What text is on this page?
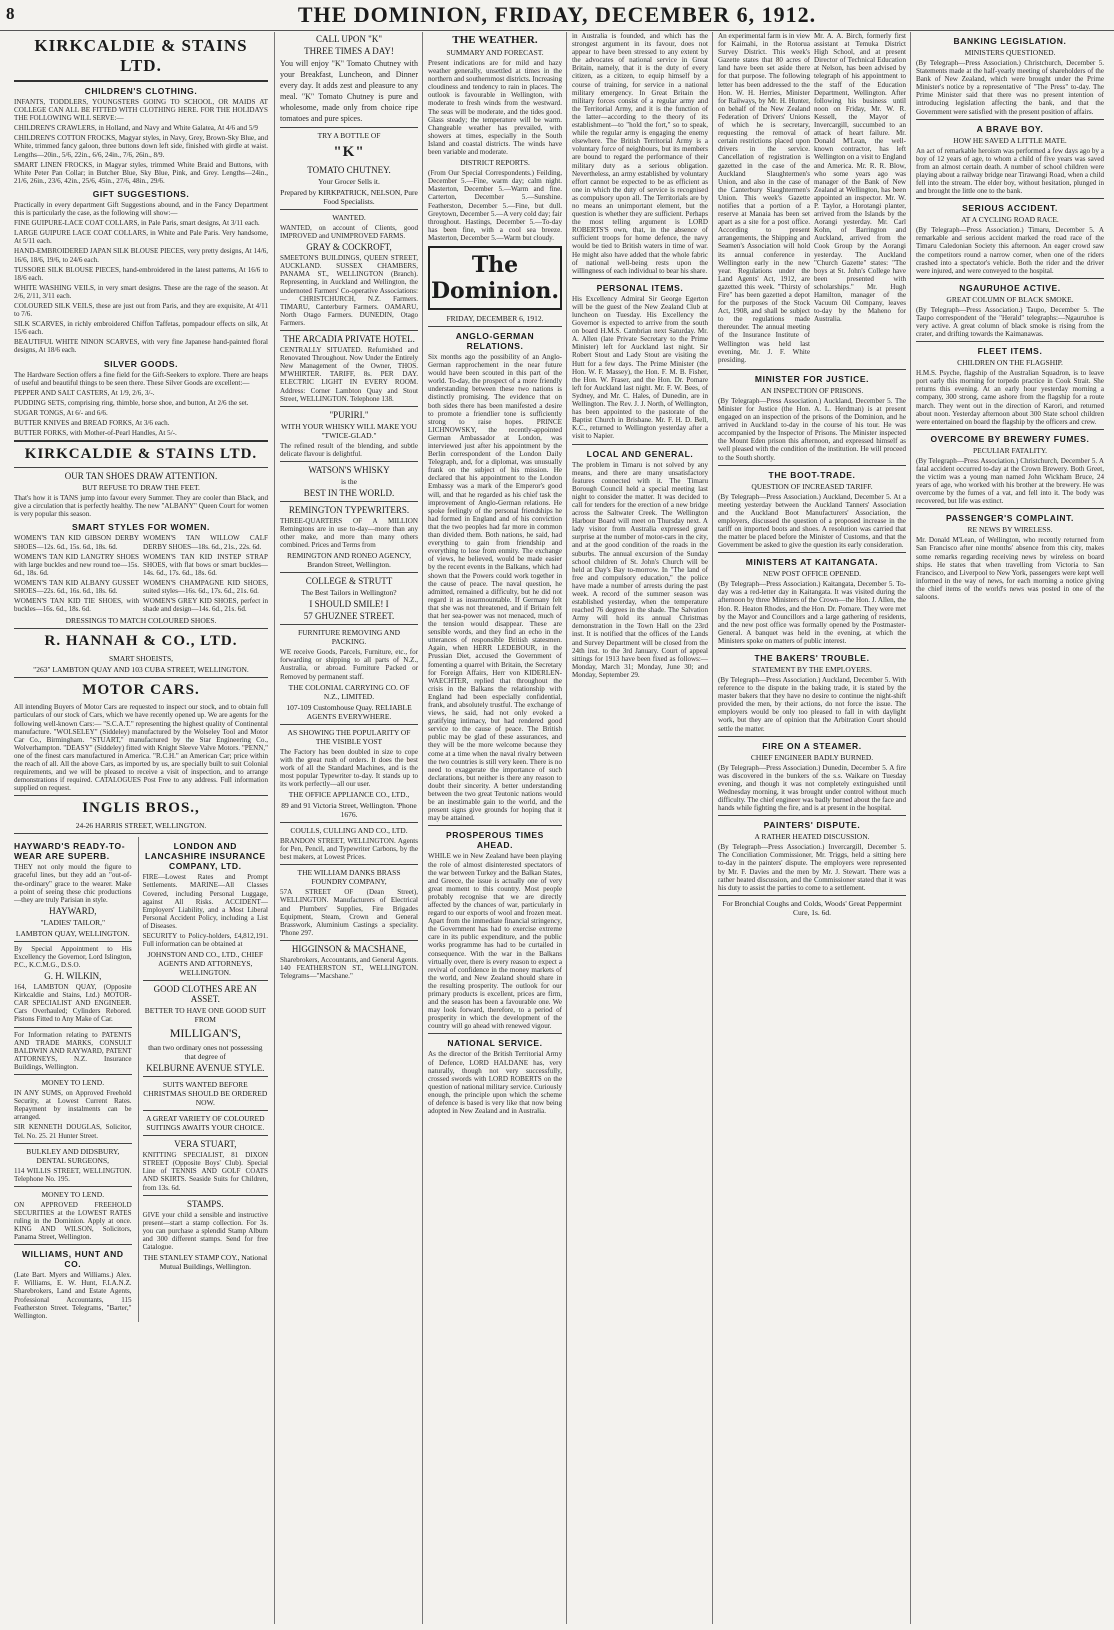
8	THE DOMINION, FRIDAY, DECEMBER 6, 1912.
KIRKCALDIE & STAINS LTD.
CHILDREN'S CLOTHING.

INFANTS, TODDLERS, YOUNGSTERS GOING TO SCHOOL, OR MAIDS AT COLLEGE CAN ALL BE FITTED WITH CLOTHING HERE. FOR THE HOLIDAYS THE FOLLOWING WILL SERVE:—

CHILDREN'S CRAWLERS, in Holland, and Navy and White Galatea, At 4/6 and 5/9

CHILDREN'S COTTON FROCKS, Magyar styles, in Navy, Grey, Brown-Sky Blue, and White, trimmed fancy galoon, three buttons down left side, finished with girdle at waist. Lengths—20in., 5/6, 22in., 6/6, 24in., 7/6, 26in., 8/9.

SMART LINEN FROCKS, in Magyar styles, trimmed White Braid and Buttons, with White Peter Pan Collar; in Butcher Blue, Sky Blue, Pink, and Grey. Lengths—24in., 21/6, 26in., 23/6, 42in., 25/6, 45in., 27/6, 48in., 29/6.

GIFT SUGGESTIONS.

Practically in every department Gift Suggestions abound, and in the Fancy Department this is particularly the case, as the following will show:—

FINE GUIPURE-LACE COAT COLLARS, in Pale Paris, smart designs, At 3/11 each.

LARGE GUIPURE LACE COAT COLLARS, in White and Pale Paris. Very handsome, At 5/11 each.

HAND-EMBROIDERED JAPAN SILK BLOUSE PIECES, very pretty designs, At 14/6, 16/6, 18/6, 19/6, to 24/6 each.

TUSSORE SILK BLOUSE PIECES, hand-embroidered in the latest patterns, At 16/6 to 18/6 each.

WHITE WASHING VEILS, in very smart designs. These are the rage of the season. At 2/6, 2/11, 3/11 each.

COLOURED SILK VEILS, these are just out from Paris, and they are exquisite, At 4/11 to 7/6.

SILK SCARVES, in richly embroidered Chiffon Taffetas, pompadour effects on silk, At 15/6 each.

BEAUTIFUL WHITE NINON SCARVES, with very fine Japanese hand-painted floral designs, At 18/6 each.

SILVER GOODS.

The Hardware Section offers a fine field for the Gift-Seekers to explore. There are heaps of useful and beautiful things to be seen there. These Silver Goods are excellent:—

PEPPER AND SALT CASTERS, At 1/9, 2/6, 3/-.

PUDDING SETS, comprising ring, thimble, horse shoe, and button, At 2/6 the set.

SUGAR TONGS, At 6/- and 6/6.

BUTTER KNIVES and BREAD FORKS, At 3/6 each.

BUTTER FORKS, with Mother-of-Pearl Handles, At 5/-.

KIRKCALDIE & STAINS LTD.
OUR TAN SHOES DRAW ATTENTION.
BUT REFUSE TO DRAW THE FEET.

That's how it is TANS jump into favour every Summer. They are cooler than Black, and give a circulation that is perfectly healthy. The new "ALBANY" Queen Court for women is very popular this season.

SMART STYLES FOR WOMEN.

WOMEN'S TAN KID GIBSON DERBY SHOES—12s. 6d., 15s. 6d., 18s. 6d.

WOMEN'S TAN KID LANGTRY SHOES with large buckles and new round toe—15s. 6d., 18s. 6d.

WOMEN'S TAN KID ALBANY GUSSET SHOES—22s. 6d., 16s. 6d., 18s. 6d.

WOMEN'S TAN KID TIE SHOES, with buckles—16s. 6d., 18s. 6d.

WOMEN'S TAN WILLOW CALF DERBY SHOES—18s. 6d., 21s., 22s. 6d.

WOMEN'S TAN KID INSTEP STRAP SHOES, with flat bows or smart buckles—14s. 6d., 17s. 6d., 18s. 6d.

WOMEN'S CHAMPAGNE KID SHOES, suited styles—16s. 6d., 17s. 6d., 21s. 6d.

WOMEN'S GREY KID SHOES, perfect in shade and design—14s. 6d., 21s. 6d.

DRESSINGS TO MATCH COLOURED SHOES.
R. HANNAH & CO., LTD.
SMART SHOEISTS,
"263" LAMBTON QUAY AND 103 CUBA STREET, WELLINGTON.
MOTOR CARS.

All intending Buyers of Motor Cars are requested to inspect our stock, and to obtain full particulars of our stock of Cars, which we have recently opened up. We are agents for the following well-known Cars:— "S.C.A.T." representing the highest quality of Continental manufacture. "WOLSELEY" (Siddeley) manufactured by the Wolseley Tool and Motor Car Co., Birmingham. "STUART," manufactured by the Star Engineering Co., Wolverhampton. "DEASY" (Siddeley) fitted with Knight Sleeve Valve Motors. "PENN," one of the finest cars manufactured in America. "R.C.H." an American Car; price within the reach of all. All the above Cars, as imported by us, are specially built to suit Colonial requirements, and we will be pleased to receive a visit of inspection, and to arrange demonstrations if required. CATALOGUES Post Free to any address. Full information supplied on request.

INGLIS BROS.,
24-26 HARRIS STREET, WELLINGTON.
HAYWARD'S READY-TO-WEAR ARE SUPERB.

THEY not only mould the figure to graceful lines, but they add an "out-of-the-ordinary" grace to the wearer. Make a point of seeing these chic productions—they are truly Parisian in style.

HAYWARD,
"LADIES' TAILOR,"
LAMBTON QUAY, WELLINGTON.

By Special Appointment to His Excellency the Governor, Lord Islington, P.C., K.C.M.G., D.S.O.

G. H. WILKIN,

164, LAMBTON QUAY, (Opposite Kirkcaldie and Stains, Ltd.) MOTOR-CAR SPECIALIST AND ENGINEER. Cars Overhauled; Cylinders Rebored. Pistons Fitted to Any Make of Car.

For Information relating to PATENTS AND TRADE MARKS, CONSULT BALDWIN AND RAYWARD, PATENT ATTORNEYS, N.Z. Insurance Buildings, Wellington.

MONEY TO LEND.

IN ANY SUMS, on Approved Freehold Security, at Lowest Current Rates. Repayment by instalments can be arranged.

SIR KENNETH DOUGLAS, Solicitor, Tel. No. 25. 21 Hunter Street.

BULKLEY AND DIDSBURY, DENTAL SURGEONS,

114 WILLIS STREET, WELLINGTON. Telephone No. 195.

MONEY TO LEND.

ON APPROVED FREEHOLD SECURITIES at the LOWEST RATES ruling in the Dominion. Apply at once. KING AND WILSON, Solicitors, Panama Street, Wellington.

WILLIAMS, HUNT AND CO.

(Late Bart. Myers and Williams.) Alex. F. Williams, E. W. Hunt, F.I.A.N.Z. Sharebrokers, Land and Estate Agents, Professional Accountants, 115 Featherston Street. Telegrams, "Barter," Wellington.

LONDON AND LANCASHIRE INSURANCE COMPANY, LTD.

FIRE—Lowest Rates and Prompt Settlements. MARINE—All Classes Covered, including Personal Luggage, against All Risks. ACCIDENT—Employers' Liability, and a Most Liberal Personal Accident Policy, including a List of Diseases.

SECURITY to Policy-holders, £4,812,191. Full information can be obtained at

JOHNSTON AND CO., LTD., CHIEF AGENTS AND ATTORNEYS, WELLINGTON.
GOOD CLOTHES ARE AN ASSET.
BETTER TO HAVE ONE GOOD SUIT FROM
MILLIGAN'S,
than two ordinary ones not possessing that degree of
KELBURNE AVENUE STYLE.
SUITS WANTED BEFORE CHRISTMAS SHOULD BE ORDERED NOW.
A GREAT VARIETY OF COLOURED SUITINGS AWAITS YOUR CHOICE.
VERA STUART,

KNITTING SPECIALIST, 81 DIXON STREET (Opposite Boys' Club). Special Line of TENNIS AND GOLF COATS AND SKIRTS. Seaside Suits for Children, from 13s. 6d.

STAMPS.

GIVE your child a sensible and instructive present—start a stamp collection. For 3s. you can purchase a splendid Stamp Album and 300 different stamps. Send for free Catalogue.

THE STANLEY STAMP COY., National Mutual Buildings, Wellington.
CALL UPON "K"
THREE TIMES A DAY!

You will enjoy "K" Tomato Chutney with your Breakfast, Luncheon, and Dinner every day. It adds zest and pleasure to any meal. "K" Tomato Chutney is pure and wholesome, made only from choice ripe tomatoes and pure spices.

TRY A BOTTLE OF
"K"
TOMATO CHUTNEY.
Your Grocer Sells it.
Prepared by KIRKPATRICK, NELSON, Pure Food Specialists.
WANTED.

WANTED, on account of Clients, good IMPROVED and UNIMPROVED FARMS.

GRAY & COCKROFT,

SMEETON'S BUILDINGS, QUEEN STREET, AUCKLAND. SUSSEX CHAMBERS, PANAMA ST., WELLINGTON (Branch). Representing, in Auckland and Wellington, the undernoted Farmers' Co-operative Associations:— CHRISTCHURCH, N.Z. Farmers. TIMARU, Canterbury Farmers. OAMARU, North Otago Farmers. DUNEDIN, Otago Farmers.

THE ARCADIA PRIVATE HOTEL.

CENTRALLY SITUATED. Refurnished and Renovated Throughout. Now Under the Entirely New Management of the Owner, THOS. M'WHIRTER. TARIFF, 8s. PER DAY. ELECTRIC LIGHT IN EVERY ROOM. Address: Corner Lambton Quay and Stout Street, WELLINGTON. Telephone 138.

"PURIRI."
WITH YOUR WHISKY WILL MAKE YOU "TWICE-GLAD."

The refined result of the blending, and subtle delicate flavour is delightful.

WATSON'S WHISKY
is the
BEST IN THE WORLD.
REMINGTON TYPEWRITERS.

THREE-QUARTERS OF A MILLION Remingtons are in use to-day—more than any other make, and more than many others combined. Prices and Terms from

REMINGTON AND RONEO AGENCY, Brandon Street, Wellington.
COLLEGE & STRUTT
The Best Tailors in Wellington?
I SHOULD SMILE! I
57 GHUZNEE STREET.
FURNITURE REMOVING AND PACKING.

WE receive Goods, Parcels, Furniture, etc., for forwarding or shipping to all parts of N.Z., Australia, or abroad. Furniture Packed or Removed by permanent staff.

THE COLONIAL CARRYING CO. OF N.Z., LIMITED.
107-109 Customhouse Quay. RELIABLE AGENTS EVERYWHERE.
AS SHOWING THE POPULARITY OF THE VISIBLE YOST

The Factory has been doubled in size to cope with the great rush of orders. It does the best work of all the Standard Machines, and is the most popular Typewriter to-day. It stands up to its work perfectly—all our user.

THE OFFICE APPLIANCE CO., LTD.,
89 and 91 Victoria Street, Wellington. 'Phone 1676.
COULLS, CULLING AND CO., LTD.

BRANDON STREET, WELLINGTON. Agents for Pen, Pencil, and Typewriter Carbons, by the best makers, at Lowest Prices.

THE WILLIAM DANKS BRASS FOUNDRY COMPANY,

57A STREET OF (Dean Street), WELLINGTON. Manufacturers of Electrical and Plumbers' Supplies, Fire Brigades Equipment, Steam, Crown and General Brasswork, Aluminium Castings a speciality. 'Phone 297.

HIGGINSON & MACSHANE,

Sharebrokers, Accountants, and General Agents. 140 FEATHERSTON ST., WELLINGTON. Telegrams—"Macshane."

THE WEATHER.
SUMMARY AND FORECAST.

Present indications are for mild and hazy weather generally, unsettled at times in the northern and southernmost districts. Increasing cloudiness and tendency to rain in places. The outlook is favourable in Wellington, with moderate to fresh winds from the westward. The seas will be moderate, and the tides good. Glass steady; the temperature will be warm. Changeable weather has prevailed, with showers at times, especially in the South Island and coastal districts. The winds have been variable and moderate.

DISTRICT REPORTS.

(From Our Special Correspondents.) Feilding, December 5.—Fine, warm day; calm night. Masterton, December 5.—Warm and fine. Carterton, December 5.—Sunshine. Featherston, December 5.—Fine, but dull. Greytown, December 5.—A very cold day; fair throughout. Hastings, December 5.—To-day has been fine, with a cool sea breeze. Masterton, December 5.—Warm but cloudy.

The Dominion.
FRIDAY, DECEMBER 6, 1912.
ANGLO-GERMAN RELATIONS.

Six months ago the possibility of an Anglo-German rapprochement in the near future would have been scouted in this part of the world. To-day, the prospect of a more friendly understanding between these two nations is distinctly promising. The evidence that on both sides there has been manifested a desire to promote a friendlier tone is sufficiently strong to raise hopes. PRINCE LICHNOWSKY, the recently-appointed German Ambassador at London, was interviewed just after his appointment by the Berlin correspondent of the London Daily Telegraph, and, for a diplomat, was unusually frank on the subject of his mission. He declared that his appointment to the London Embassy was a mark of the Emperor's good will, and that he regarded as his chief task the improvement of Anglo-German relations. He spoke feelingly of the personal friendships he had formed in England and of his conviction that the two peoples had far more in common than divided them. Both nations, he said, had everything to gain from friendship and everything to lose from enmity. The exchange of views, he believed, would be made easier by the recent events in the Balkans, which had shown that the Powers could work together in the cause of peace. The naval question, he admitted, remained a difficulty, but he did not regard it as insurmountable. If Germany felt that she was not threatened, and if Britain felt that her sea-power was not menaced, much of the tension would disappear. These are sensible words, and they find an echo in the utterances of responsible British statesmen. Again, when HERR LEDEBOUR, in the Prussian Diet, accused the Government of fomenting a quarrel with Britain, the Secretary for Foreign Affairs, Herr von KIDERLEN-WAECHTER, replied that throughout the crisis in the Balkans the relationship with England had been especially confidential, frank, and absolutely trustful. The exchange of views, he said, had not only evoked a gratifying intimacy, but had rendered good service to the cause of peace. The British public may be glad of these assurances, and they will be the more welcome because they come at a time when the naval rivalry between the two countries is still very keen. There is no need to exaggerate the importance of such declarations, but neither is there any reason to doubt their sincerity. A better understanding between the two great Teutonic nations would be an inestimable gain to the world, and the present signs give grounds for hoping that it may be attained.

PROSPEROUS TIMES AHEAD.

WHILE we in New Zealand have been playing the role of almost disinterested spectators of the war between Turkey and the Balkan States, and Greece, the issue is actually one of very great moment to this country. Most people probably recognise that we are directly affected by the chances of war, particularly in regard to our exports of wool and frozen meat. Apart from the immediate financial stringency, the Government has had to exercise extreme care in its public expenditure, and the public works programme has had to be curtailed in consequence. With the war in the Balkans virtually over, there is every reason to expect a revival of confidence in the money markets of the world, and New Zealand should share in the resulting prosperity. The outlook for our primary products is excellent, prices are firm, and the season has been a favourable one. We may look forward, therefore, to a period of prosperity in which the development of the country will go ahead with renewed vigour.

NATIONAL SERVICE.

As the director of the British Territorial Army of Defence, LORD HALDANE has, very naturally, though not very successfully, crossed swords with LORD ROBERTS on the question of national military service. Curiously enough, the principle upon which the scheme of defence is based is very like that now being adopted in New Zealand and in Australia.

in Australia is founded, and which has the strongest argument in its favour, does not appear to have been stressed to any extent by the advocates of national service in Great Britain, namely, that it is the duty of every citizen, as a citizen, to equip himself by a course of training, for service in a national military emergency. In Great Britain the military forces consist of a regular army and the Territorial Army, and it is the function of the latter—according to the theory of its establishment—to "hold the fort," so to speak, while the regular army is engaging the enemy elsewhere. The British Territorial Army is a voluntary force of neighbours, but its members are bound to regard the performance of their military duty as a serious obligation. Nevertheless, an army established by voluntary effort cannot be expected to be as efficient as one in which the duty of service is recognised as compulsory upon all. The Territorials are by no means an unimportant element, but the question is whether they are sufficient. Perhaps the most telling argument is LORD ROBERTS'S own, that, in the absence of sufficient troops for home defence, the navy would be tied to British waters in time of war. He might also have added that the whole fabric of national well-being rests upon the willingness of each individual to bear his share.

PERSONAL ITEMS.

His Excellency Admiral Sir George Egerton will be the guest of the New Zealand Club at luncheon on Tuesday. His Excellency the Governor is expected to arrive from the south on board H.M.S. Cambrian next Saturday. Mr. A. Allen (late Private Secretary to the Prime Minister) left for Auckland last night. Sir Robert Stout and Lady Stout are visiting the Hutt for a few days. The Prime Minister (the Hon. W. F. Massey), the Hon. F. M. B. Fisher, the Hon. W. Fraser, and the Hon. Dr. Pomare left for Auckland last night. Mr. F. W. Bees, of Sydney, and Mr. C. Hales, of Dunedin, are in Wellington. The Rev. J. J. North, of Wellington, has been appointed to the pastorate of the Baptist Church in Brisbane. Mr. F. H. D. Bell, K.C., returned to Wellington yesterday after a visit to Napier.

LOCAL AND GENERAL.

The problem in Timaru is not solved by any means, and there are many unsatisfactory features connected with it. The Timaru Borough Council held a special meeting last night to consider the matter. It was decided to call for tenders for the erection of a new bridge across the Saltwater Creek. The Wellington Harbour Board will meet on Thursday next. A lady visitor from Australia expressed great surprise at the number of motor-cars in the city, and at the good condition of the roads in the suburbs. The annual excursion of the Sunday school children of St. John's Church will be held at Day's Bay to-morrow. In "The land of free and compulsory education," the police have made a number of arrests during the past week. A record of the summer season was established yesterday, when the temperature reached 76 degrees in the shade. The Salvation Army will hold its annual Christmas demonstration in the Town Hall on the 23rd inst. It is notified that the offices of the Lands and Survey Department will be closed from the 24th inst. to the 3rd January. Court of appeal sittings for 1913 have been fixed as follows:—Monday, March 31; Monday, June 30; and Monday, September 29.

An experimental farm is in view for Kaimahi, in the Rotorua Survey District. This week's Gazette states that 80 acres of land have been set aside there for that purpose. The following letter has been addressed to the Hon. W. H. Herries, Minister for Railways, by Mr. H. Hunter, on behalf of the New Zealand Federation of Drivers' Unions of which he is secretary, requesting the removal of certain restrictions placed upon drivers in the service. Cancellation of registration is gazetted in the case of the Auckland Slaughtermen's Union, and also in the case of the Canterbury Slaughtermen's Union. This week's Gazette notifies that a portion of a reserve at Manaia has been set apart as a site for a post office. According to present arrangements, the Shipping and Seamen's Association will hold its annual conference in Wellington early in the new year. Regulations under the Land Agents' Act, 1912, are gazetted this week. "Thirsty of Fire" has been gazetted a depot for the purposes of the Stock Act, 1908, and shall be subject to the regulations made thereunder. The annual meeting of the Insurance Institute of Wellington was held last evening, Mr. J. F. White presiding.

Mr. A. A. Birch, formerly first assistant at Temuka District High School, and at present Director of Technical Education at Nelson, has been advised by telegraph of his appointment to the staff of the Education Department, Wellington. After following his business until noon on Friday, Mr. W. R. Kessell, the Mayor of Invercargill, succumbed to an attack of heart failure. Mr. Donald M'Lean, the well-known contractor, has left Wellington on a visit to England and America. Mr. R. R. Blow, who some years ago was manager of the Bank of New Zealand at Wellington, has been appointed an inspector. Mr. W. P. Taylor, a Horotangi planter, arrived from the Islands by the Aorangi yesterday. Mr. Carl Kohn, of Barrington and Auckland, arrived from the Cook Group by the Aorangi yesterday. The Auckland "Church Gazette" states: "The boys at St. John's College have been presented with scholarships." Mr. Hugh Hamilton, manager of the Vacuum Oil Company, leaves to-day by the Maheno for Australia.

MINISTER FOR JUSTICE.
AN INSPECTION OF PRISONS.

(By Telegraph—Press Association.) Auckland, December 5. The Minister for Justice (the Hon. A. L. Herdman) is at present engaged on an inspection of the prisons of the Dominion, and he arrived in Auckland to-day in the course of his tour. He was accompanied by the Inspector of Prisons. The Minister inspected the Mount Eden prison this afternoon, and expressed himself as well pleased with the condition of the institution. He will proceed to the South shortly.

THE BOOT-TRADE.
QUESTION OF INCREASED TARIFF.

(By Telegraph—Press Association.) Auckland, December 5. At a meeting yesterday between the Auckland Tanners' Association and the Auckland Boot Manufacturers' Association, the employers, discussed the question of a proposed increase in the tariff on imported boots and shoes. A resolution was carried that the matter be placed before the Minister of Customs, and that the Government be asked to give the question its early consideration.

MINISTERS AT KAITANGATA.
NEW POST OFFICE OPENED.

(By Telegraph—Press Association.) Kaitangata, December 5. To-day was a red-letter day in Kaitangata. It was visited during the afternoon by three Ministers of the Crown—the Hon. J. Allen, the Hon. R. Heaton Rhodes, and the Hon. Dr. Pomare. They were met by the Mayor and Councillors and a large gathering of residents, and the new post office was formally opened by the Postmaster-General. A banquet was held in the evening, at which the Ministers spoke on matters of public interest.

THE BAKERS' TROUBLE.
STATEMENT BY THE EMPLOYERS.

(By Telegraph—Press Association.) Auckland, December 5. With reference to the dispute in the baking trade, it is stated by the master bakers that they have no desire to continue the night-shift provided the men, by their actions, do not force the issue. The employers would be only too pleased to fall in with daylight work, but they are of opinion that the Arbitration Court should settle the matter.

FIRE ON A STEAMER.
CHIEF ENGINEER BADLY BURNED.

(By Telegraph—Press Association.) Dunedin, December 5. A fire was discovered in the bunkers of the s.s. Waikare on Tuesday evening, and though it was not completely extinguished until Wednesday morning, it was brought under control without much difficulty. The chief engineer was badly burned about the face and hands while fighting the fire, and is at present in the hospital.

PAINTERS' DISPUTE.
A RATHER HEATED DISCUSSION.

(By Telegraph—Press Association.) Invercargill, December 5. The Conciliation Commissioner, Mr. Triggs, held a sitting here to-day in the painters' dispute. The employers were represented by Mr. F. Davies and the men by Mr. J. Stewart. There was a rather heated discussion, and the Commissioner stated that it was his duty to assist the parties to come to a settlement.

For Bronchial Coughs and Colds, Woods' Great Peppermint Cure, 1s. 6d.
BANKING LEGISLATION.
MINISTERS QUESTIONED.

(By Telegraph—Press Association.) Christchurch, December 5. Statements made at the half-yearly meeting of shareholders of the Bank of New Zealand, which were brought under the Prime Minister's notice by a representative of "The Press" to-day. The Prime Minister said that there was no present intention of introducing legislation affecting the bank, and that the Government were satisfied with the present position of affairs.

A BRAVE BOY.
HOW HE SAVED A LITTLE MATE.

An act of remarkable heroism was performed a few days ago by a boy of 12 years of age, to whom a child of five years was saved from an almost certain death. A number of school children were playing about a railway bridge near Tirawangi Road, when a child fell into the stream. The elder boy, without hesitation, plunged in and brought the little one to the bank.

SERIOUS ACCIDENT.
AT A CYCLING ROAD RACE.

(By Telegraph—Press Association.) Timaru, December 5. A remarkable and serious accident marked the road race of the Timaru Caledonian Society this afternoon. An eager crowd saw the competitors round a narrow corner, when one of the riders crashed into a spectator's vehicle. Both the rider and the driver were injured, and were conveyed to the hospital.

NGAURUHOE ACTIVE.
GREAT COLUMN OF BLACK SMOKE.

(By Telegraph—Press Association.) Taupo, December 5. The Taupo correspondent of the "Herald" telegraphs:—Ngauruhoe is very active. A great column of black smoke is rising from the crater, and drifting towards the Kaimanawas.

FLEET ITEMS.
CHILDREN ON THE FLAGSHIP.

H.M.S. Psyche, flagship of the Australian Squadron, is to leave port early this morning for torpedo practice in Cook Strait. She returns this evening. At an early hour yesterday morning a company, 300 strong, came ashore from the flagship for a route march. They went out in the direction of Karori, and returned about noon. Yesterday afternoon about 300 State school children were entertained on board the flagship by the officers and crew.

OVERCOME BY BREWERY FUMES.
PECULIAR FATALITY.

(By Telegraph—Press Association.) Christchurch, December 5. A fatal accident occurred to-day at the Crown Brewery. Both Greet, the victim was a young man named John Wickham Bruce, 24 years of age, who worked with his brother at the brewery. He was overcome by the fumes of a vat, and fell into it. The body was recovered, but life was extinct.

PASSENGER'S COMPLAINT.
RE NEWS BY WIRELESS.

Mr. Donald M'Lean, of Wellington, who recently returned from San Francisco after nine months' absence from this city, makes some remarks regarding receiving news by wireless on board ships. He states that when travelling from Victoria to San Francisco, and Liverpool to New York, passengers were kept well informed in the way of news, for each morning a notice giving the chief items of the world's news was posted in one of the saloons.
